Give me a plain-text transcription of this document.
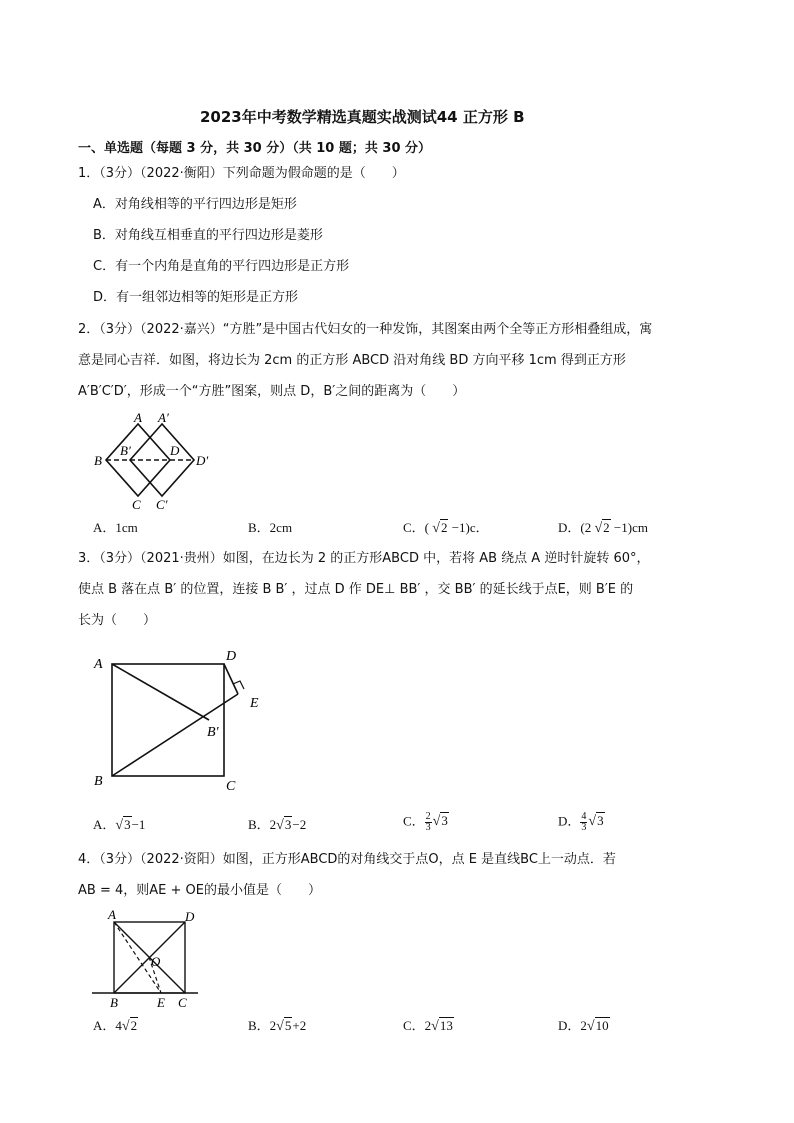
2023年中考数学精选真题实战测试44 正方形 B
一、单选题（每题 3 分，共 30 分）（共 10 题；共 30 分）
1．（3分）（2022·衡阳）下列命题为假命题的是（　　）
A．对角线相等的平行四边形是矩形
B．对角线互相垂直的平行四边形是菱形
C．有一个内角是直角的平行四边形是正方形
D．有一组邻边相等的矩形是正方形
2．（3分）（2022·嘉兴）“方胜”是中国古代妇女的一种发饰，其图案由两个全等正方形相叠组成，寓
意是同心吉祥．如图，将边长为 2cm 的正方形 ABCD 沿对角线 BD 方向平移 1cm 得到正方形
A′B′C′D′，形成一个“方胜”图案，则点 D，B′之间的距离为（　　）
A A′
B
B′	D
D′
C C′
A．1cm	B．2cm	C．( √2 −1)c．	D．(2 √2 −1)cm
3．（3分）（2021·贵州）如图，在边长为 2 的正方形ABCD 中，若将 AB 绕点 A 逆时针旋转 60°，
使点 B 落在点 B′ 的位置，连接 B B′ ，过点 D 作 DE⊥ BB′ ，交 BB′ 的延长线于点E，则 B′E 的
长为（　　）
A
D
E
B′
B	C
A．√3−1	B．2√3−2	C． $\frac{2}{3} √3$	D． $\frac{4}{3} √3$
4．（3分）（2022·资阳）如图，正方形ABCD的对角线交于点O，点 E 是直线BC上一动点．若
AB = 4，则AE + OE的最小值是（　　）
A	D
O
B	E C
A．4√2	B．2√5+2	C．2√13	D．2√10
